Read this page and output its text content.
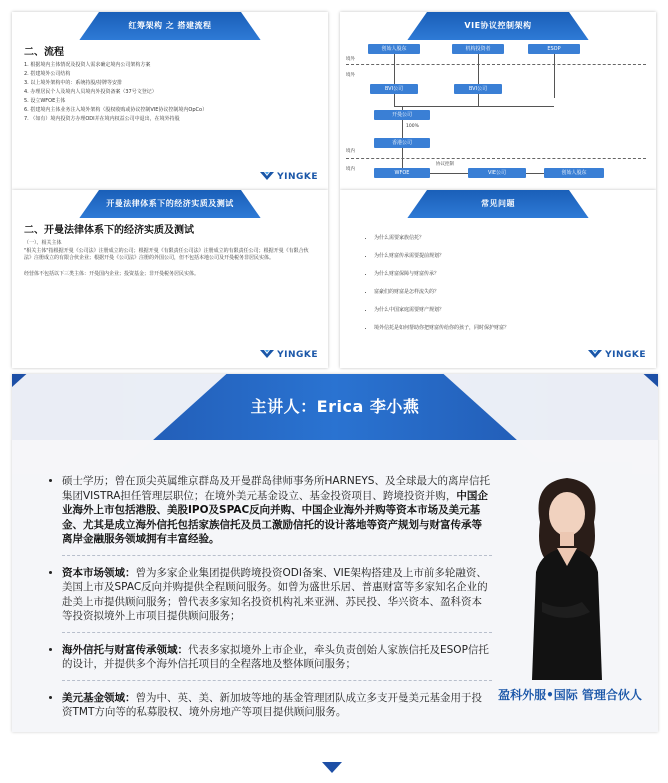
红筹架构 之 搭建流程
二、流程
1. 根据境内主体情况及投资人需求确定境内公司架构方案
2. 搭建境外公司结构
3. 以上境外架构中的：系统持股/持牌等安排
4. 办理居民个人及境内人员境内外投资备案（37号文登记）
5. 设立WFOE主体
6. 搭建境内主体业务注入境外架构（股权收购或协议控制VIE协议控制境内OpCo）
7. （如有）境内投资方办理ODI并在境内权益公司中退出，在境外持股
YINGKE
VIE协议控制架构
创始人股东	机构投资者	ESOP
境外
境外
BVI公司	BVI公司
开曼公司
100%
香港公司
境内
境内
WFOE
协议控制
VIE公司	创始人股东
开曼法律体系下的经济实质及测试
二、开曼法律体系下的经济实质及测试
（一）、相关主体
"相关主体"指根据开曼《公司法》注册成立的公司；根据开曼《有限责任公司法》注册成立的有限责任公司；根据开曼《有限合伙法》注册成立的有限合伙企业；根据开曼《公司法》注册的外国公司，但不包括本地公司及开曼税务非居民实体。
经营体不包括以下三类主体：开曼国内企业；投资基金；非开曼税务居民实体。
YINGKE
常见问题
• 为什么需要家族信托？
• 为什么财富传承需要提前规划？
• 为什么财富保障与财富传承？
• 富豪们的财富是怎样流失的？
• 为什么中国家庭需要财产规划？
• 境外信托是如何帮助你把财富传给你的孩子，同时保护财富？
YINGKE
主讲人：Erica 李小燕
• 硕士学历；曾在顶尖英属维京群岛及开曼群岛律师事务所HARNEYS、及全球最大的离岸信托集团VISTRA担任管理层职位；在境外美元基金设立、基金投资项目、跨境投资并购，中国企业海外上市包括港股、美股IPO及SPAC反向并购、中国企业海外并购等资本市场及美元基金、尤其是成立海外信托包括家族信托及员工激励信托的设计落地等资产规划与财富传承等离岸金融服务领域拥有丰富经验。
• 资本市场领域：曾为多家企业集团提供跨境投资ODI备案、VIE架构搭建及上市前多轮融资、美国上市及SPAC反向并购提供全程顾问服务。如曾为盛世乐居、普惠财富等多家知名企业的赴美上市提供顾问服务；曾代表多家知名投资机构礼来亚洲、苏民投、华兴资本、盈科资本等投资拟境外上市项目提供顾问服务；
• 海外信托与财富传承领域：代表多家拟境外上市企业，牵头负责创始人家族信托及ESOP信托的设计，并提供多个海外信托项目的全程落地及整体顾问服务；
• 美元基金领域：曾为中、英、美、新加坡等地的基金管理团队成立多支开曼美元基金用于投资TMT方向等的私募股权、境外房地产等项目提供顾问服务。
盈科外服•国际 管理合伙人
